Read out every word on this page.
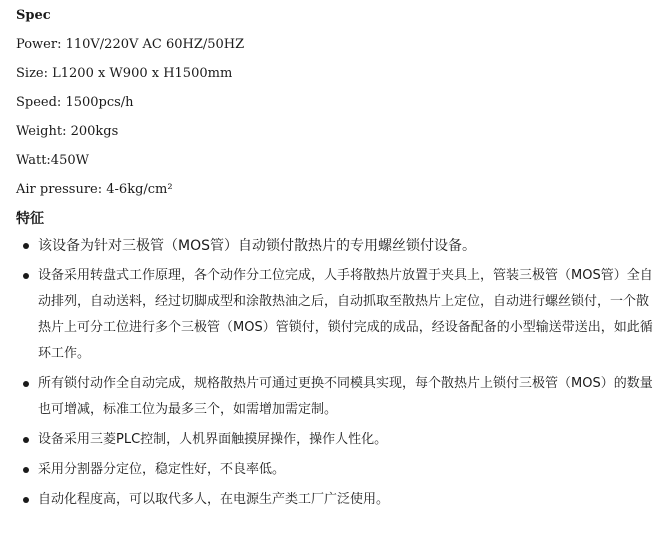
Spec
Power: 110V/220V AC 60HZ/50HZ
Size: L1200 x W900 x H1500mm
Speed: 1500pcs/h
Weight: 200kgs
Watt:450W
Air pressure: 4-6kg/cm²
特征
该设备为针对三极管（MOS管）自动锁付散热片的专用螺丝锁付设备。
设备采用转盘式工作原理，各个动作分工位完成，人手将散热片放置于夹具上，管装三极管（MOS管）全自动排列，自动送料，经过切脚成型和涂散热油之后，自动抓取至散热片上定位，自动进行螺丝锁付，一个散热片上可分工位进行多个三极管（MOS）管锁付，锁付完成的成品，经设备配备的小型输送带送出，如此循环工作。
所有锁付动作全自动完成，规格散热片可通过更换不同模具实现，每个散热片上锁付三极管（MOS）的数量也可增减，标准工位为最多三个，如需增加需定制。
设备采用三菱PLC控制，人机界面触摸屏操作，操作人性化。
采用分割器分定位，稳定性好，不良率低。
自动化程度高，可以取代多人，在电源生产类工厂广泛使用。
